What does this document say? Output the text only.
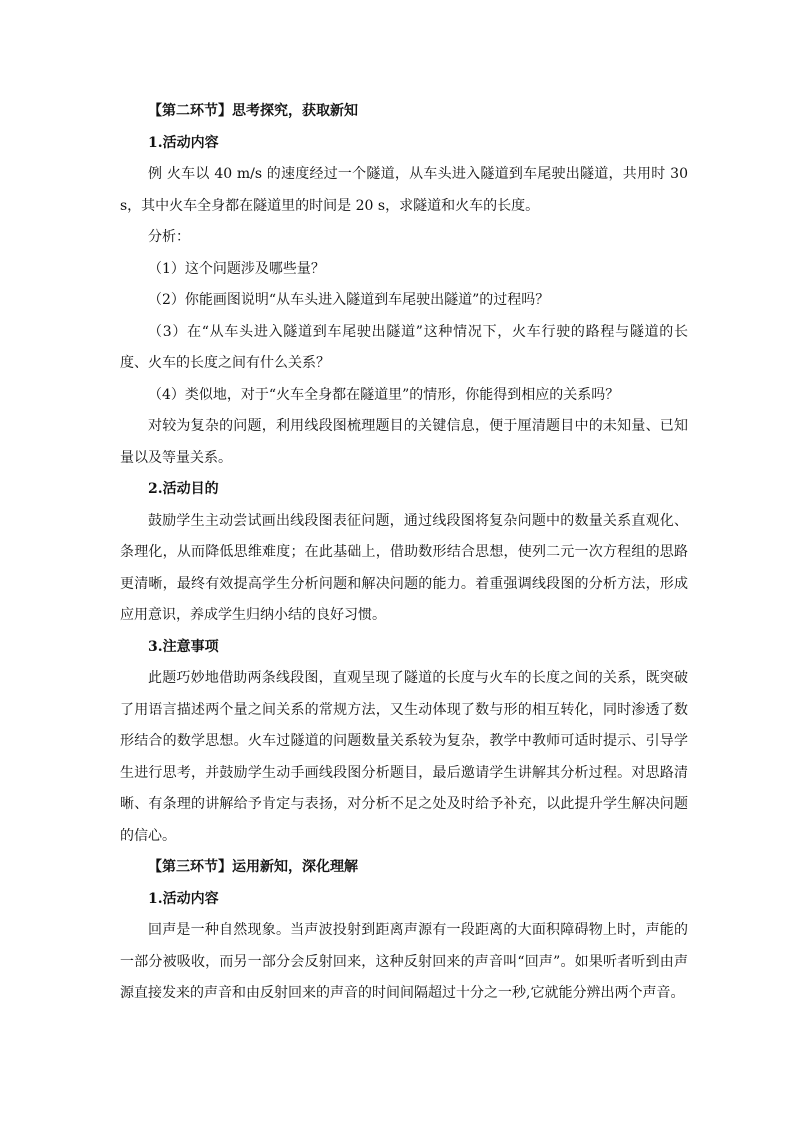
【第二环节】思考探究，获取新知
1.活动内容
例 火车以 40 m/s 的速度经过一个隧道，从车头进入隧道到车尾驶出隧道，共用时 30 s，其中火车全身都在隧道里的时间是 20 s，求隧道和火车的长度。
分析：
（1）这个问题涉及哪些量？
（2）你能画图说明“从车头进入隧道到车尾驶出隧道”的过程吗？
（3）在“从车头进入隧道到车尾驶出隧道”这种情况下，火车行驶的路程与隧道的长度、火车的长度之间有什么关系？
（4）类似地，对于“火车全身都在隧道里”的情形，你能得到相应的关系吗？
对较为复杂的问题，利用线段图梳理题目的关键信息，便于厘清题目中的未知量、已知量以及等量关系。
2.活动目的
鼓励学生主动尝试画出线段图表征问题，通过线段图将复杂问题中的数量关系直观化、条理化，从而降低思维难度；在此基础上，借助数形结合思想，使列二元一次方程组的思路更清晰，最终有效提高学生分析问题和解决问题的能力。着重强调线段图的分析方法，形成应用意识，养成学生归纳小结的良好习惯。
3.注意事项
此题巧妙地借助两条线段图，直观呈现了隧道的长度与火车的长度之间的关系，既突破了用语言描述两个量之间关系的常规方法，又生动体现了数与形的相互转化，同时渗透了数形结合的数学思想。火车过隧道的问题数量关系较为复杂，教学中教师可适时提示、引导学生进行思考，并鼓励学生动手画线段图分析题目，最后邀请学生讲解其分析过程。对思路清晰、有条理的讲解给予肯定与表扬，对分析不足之处及时给予补充，以此提升学生解决问题的信心。
【第三环节】运用新知，深化理解
1.活动内容
回声是一种自然现象。当声波投射到距离声源有一段距离的大面积障碍物上时，声能的一部分被吸收，而另一部分会反射回来，这种反射回来的声音叫“回声”。如果听者听到由声源直接发来的声音和由反射回来的声音的时间间隔超过十分之一秒,它就能分辨出两个声音。
